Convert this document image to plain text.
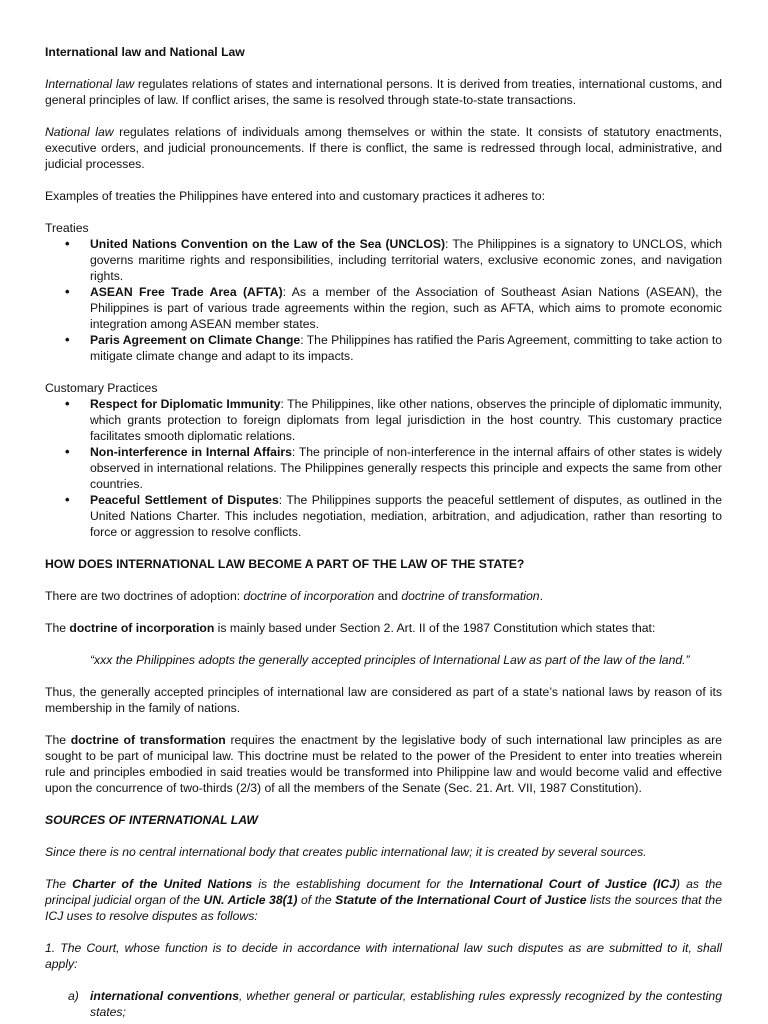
International law and National Law

International law regulates relations of states and international persons. It is derived from treaties, international customs, and general principles of law. If conflict arises, the same is resolved through state-to-state transactions.

National law regulates relations of individuals among themselves or within the state. It consists of statutory enactments, executive orders, and judicial pronouncements. If there is conflict, the same is redressed through local, administrative, and judicial processes.

Examples of treaties the Philippines have entered into and customary practices it adheres to:

Treaties

• United Nations Convention on the Law of the Sea (UNCLOS): The Philippines is a signatory to UNCLOS, which governs maritime rights and responsibilities, including territorial waters, exclusive economic zones, and navigation rights.
• ASEAN Free Trade Area (AFTA): As a member of the Association of Southeast Asian Nations (ASEAN), the Philippines is part of various trade agreements within the region, such as AFTA, which aims to promote economic integration among ASEAN member states.
• Paris Agreement on Climate Change: The Philippines has ratified the Paris Agreement, committing to take action to mitigate climate change and adapt to its impacts.

Customary Practices

• Respect for Diplomatic Immunity: The Philippines, like other nations, observes the principle of diplomatic immunity, which grants protection to foreign diplomats from legal jurisdiction in the host country. This customary practice facilitates smooth diplomatic relations.
• Non-interference in Internal Affairs: The principle of non-interference in the internal affairs of other states is widely observed in international relations. The Philippines generally respects this principle and expects the same from other countries.
• Peaceful Settlement of Disputes: The Philippines supports the peaceful settlement of disputes, as outlined in the United Nations Charter. This includes negotiation, mediation, arbitration, and adjudication, rather than resorting to force or aggression to resolve conflicts.

HOW DOES INTERNATIONAL LAW BECOME A PART OF THE LAW OF THE STATE?

There are two doctrines of adoption: doctrine of incorporation and doctrine of transformation.

The doctrine of incorporation is mainly based under Section 2. Art. II of the 1987 Constitution which states that:

“xxx the Philippines adopts the generally accepted principles of International Law as part of the law of the land.”

Thus, the generally accepted principles of international law are considered as part of a state’s national laws by reason of its membership in the family of nations.

The doctrine of transformation requires the enactment by the legislative body of such international law principles as are sought to be part of municipal law. This doctrine must be related to the power of the President to enter into treaties wherein rule and principles embodied in said treaties would be transformed into Philippine law and would become valid and effective upon the concurrence of two-thirds (2/3) of all the members of the Senate (Sec. 21. Art. VII, 1987 Constitution).

SOURCES OF INTERNATIONAL LAW

Since there is no central international body that creates public international law; it is created by several sources.

The Charter of the United Nations is the establishing document for the International Court of Justice (ICJ) as the principal judicial organ of the UN. Article 38(1) of the Statute of the International Court of Justice lists the sources that the ICJ uses to resolve disputes as follows:

1. The Court, whose function is to decide in accordance with international law such disputes as are submitted to it, shall apply:

a) international conventions, whether general or particular, establishing rules expressly recognized by the contesting states;
